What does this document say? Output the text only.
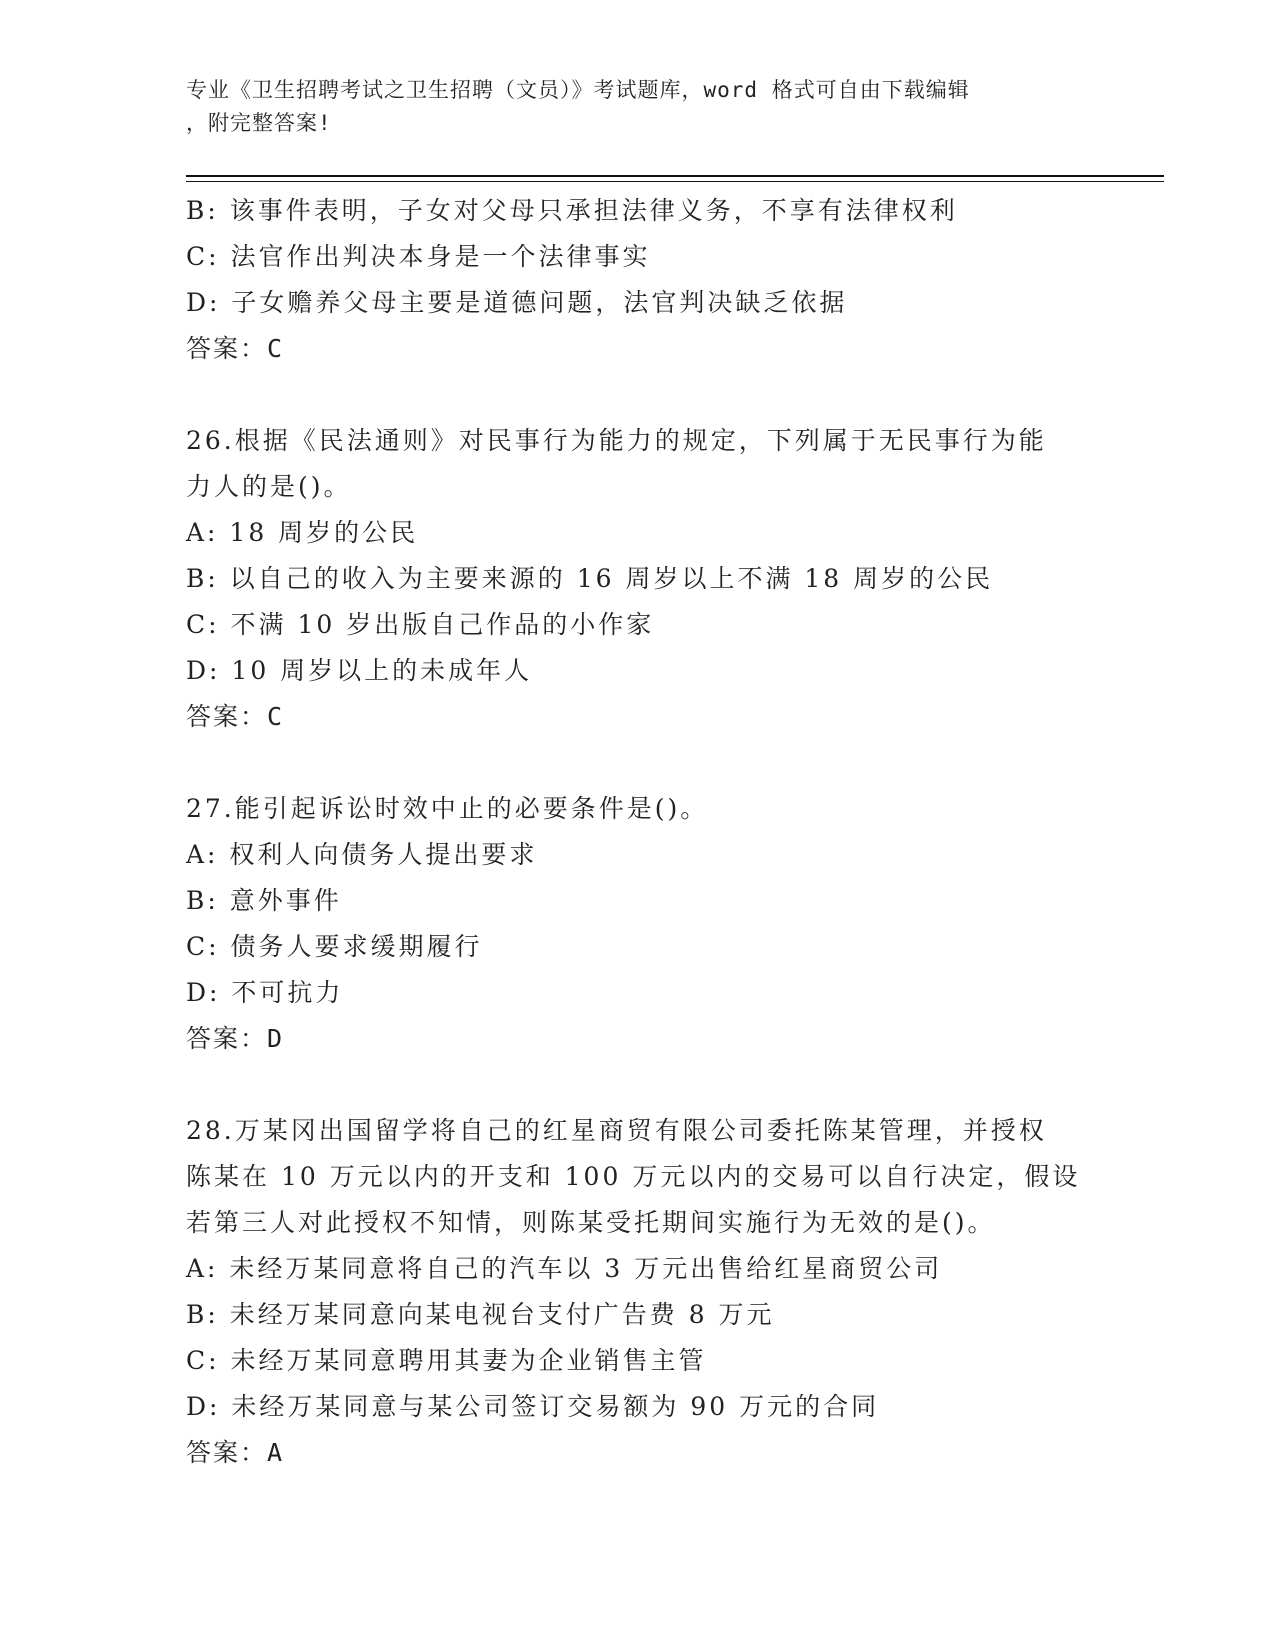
专业《卫生招聘考试之卫生招聘（文员）》考试题库，word 格式可自由下载编辑
，附完整答案!
B: 该事件表明，子女对父母只承担法律义务，不享有法律权利
C: 法官作出判决本身是一个法律事实
D: 子女赡养父母主要是道德问题，法官判决缺乏依据
答案：C
26.根据《民法通则》对民事行为能力的规定，下列属于无民事行为能
力人的是()。
A: 18 周岁的公民
B: 以自己的收入为主要来源的 16 周岁以上不满 18 周岁的公民
C: 不满 10 岁出版自己作品的小作家
D: 10 周岁以上的未成年人
答案：C
27.能引起诉讼时效中止的必要条件是()。
A: 权利人向债务人提出要求
B: 意外事件
C: 债务人要求缓期履行
D: 不可抗力
答案：D
28.万某冈出国留学将自己的红星商贸有限公司委托陈某管理，并授权
陈某在 10 万元以内的开支和 100 万元以内的交易可以自行决定，假设
若第三人对此授权不知情，则陈某受托期间实施行为无效的是()。
A: 未经万某同意将自己的汽车以 3 万元出售给红星商贸公司
B: 未经万某同意向某电视台支付广告费 8 万元
C: 未经万某同意聘用其妻为企业销售主管
D: 未经万某同意与某公司签订交易额为 90 万元的合同
答案：A
